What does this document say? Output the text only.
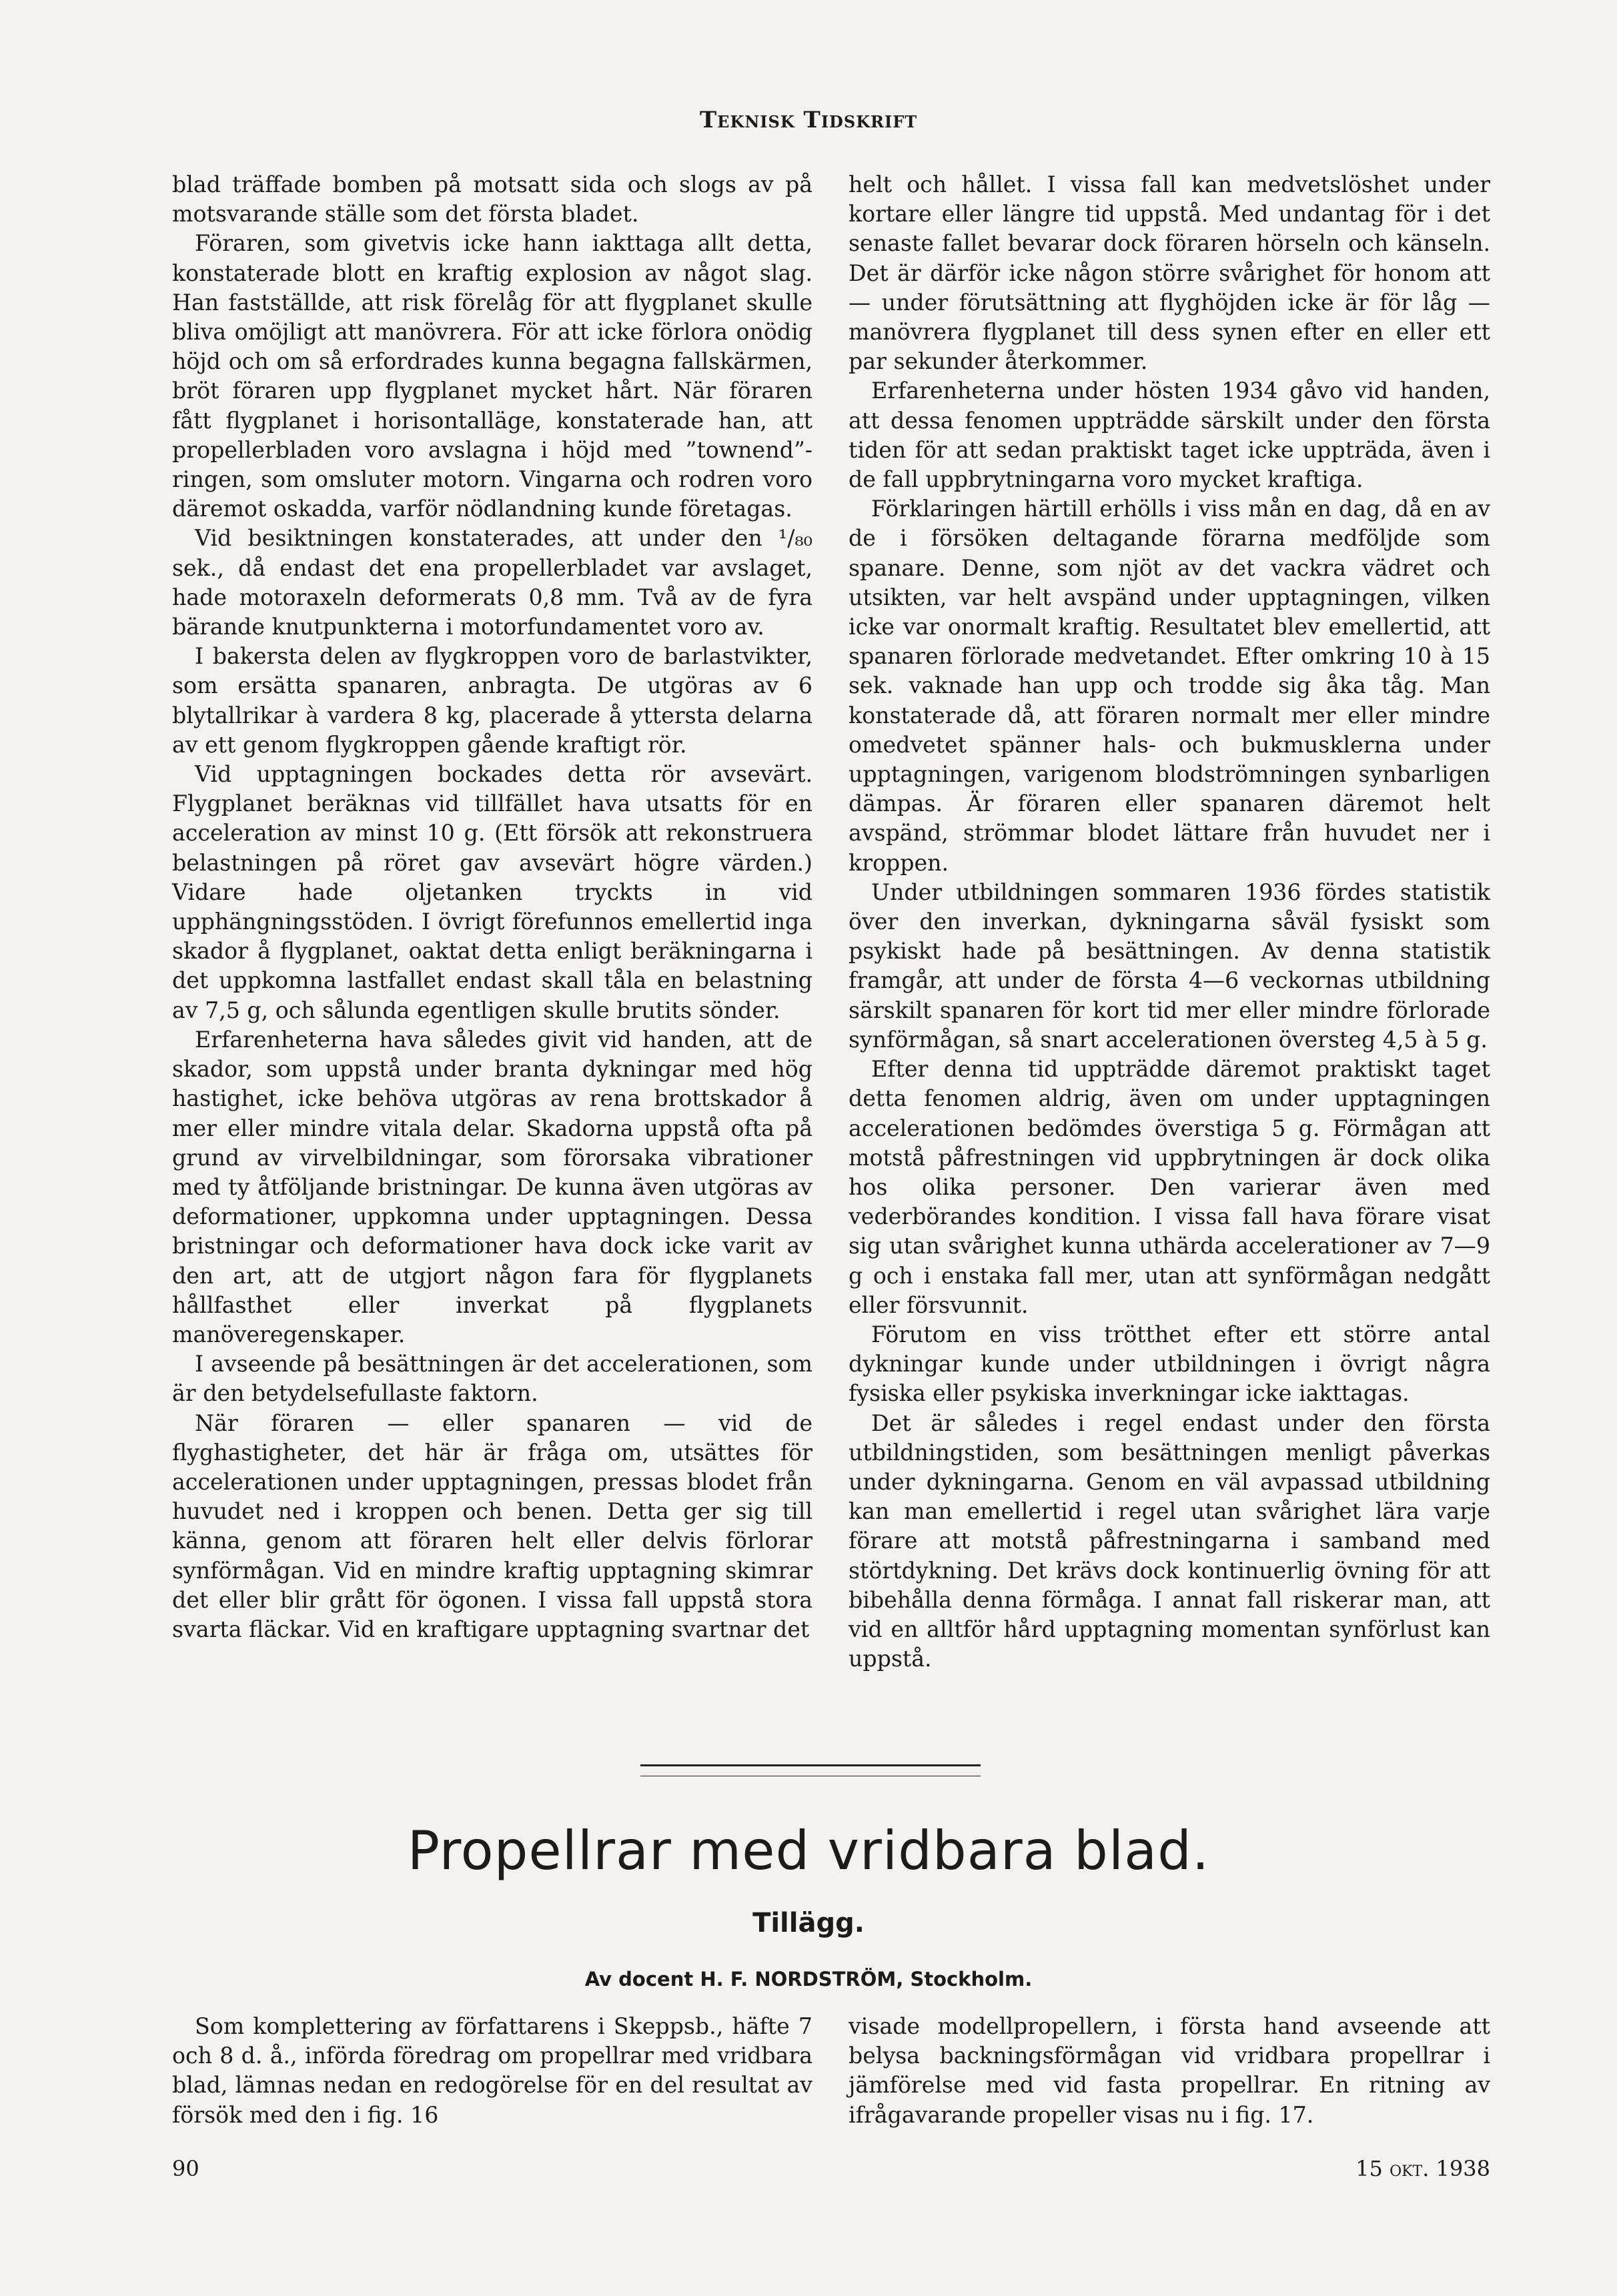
Teknisk Tidskrift

blad träffade bomben på motsatt sida och slogs av på motsvarande ställe som det första bladet.

Föraren, som givetvis icke hann iakttaga allt detta, konstaterade blott en kraftig explosion av något slag. Han fastställde, att risk förelåg för att flygplanet skulle bliva omöjligt att manövrera. För att icke förlora onödig höjd och om så erfordrades kunna begagna fallskärmen, bröt föraren upp flygplanet mycket hårt. När föraren fått flygplanet i horisontalläge, konstaterade han, att propellerbladen voro avslagna i höjd med ”townend”-ringen, som omsluter motorn. Vingarna och rodren voro däremot oskadda, varför nödlandning kunde företagas.

Vid besiktningen konstaterades, att under den ¹/₈₀ sek., då endast det ena propellerbladet var avslaget, hade motoraxeln deformerats 0,8 mm. Två av de fyra bärande knutpunkterna i motorfundamentet voro av.

I bakersta delen av flygkroppen voro de barlastvikter, som ersätta spanaren, anbragta. De utgöras av 6 blytallrikar à vardera 8 kg, placerade å yttersta delarna av ett genom flygkroppen gående kraftigt rör.

Vid upptagningen bockades detta rör avsevärt. Flygplanet beräknas vid tillfället hava utsatts för en acceleration av minst 10 g. (Ett försök att rekonstruera belastningen på röret gav avsevärt högre värden.) Vidare hade oljetanken tryckts in vid upphängningsstöden. I övrigt förefunnos emellertid inga skador å flygplanet, oaktat detta enligt beräkningarna i det uppkomna lastfallet endast skall tåla en belastning av 7,5 g, och sålunda egentligen skulle brutits sönder.

Erfarenheterna hava således givit vid handen, att de skador, som uppstå under branta dykningar med hög hastighet, icke behöva utgöras av rena brottskador å mer eller mindre vitala delar. Skadorna uppstå ofta på grund av virvelbildningar, som förorsaka vibrationer med ty åtföljande bristningar. De kunna även utgöras av deformationer, uppkomna under upptagningen. Dessa bristningar och deformationer hava dock icke varit av den art, att de utgjort någon fara för flygplanets hållfasthet eller inverkat på flygplanets manöveregenskaper.

I avseende på besättningen är det accelerationen, som är den betydelsefullaste faktorn.

När föraren — eller spanaren — vid de flyghastigheter, det här är fråga om, utsättes för accelerationen under upptagningen, pressas blodet från huvudet ned i kroppen och benen. Detta ger sig till känna, genom att föraren helt eller delvis förlorar synförmågan. Vid en mindre kraftig upptagning skimrar det eller blir grått för ögonen. I vissa fall uppstå stora svarta fläckar. Vid en kraftigare upptagning svartnar det

helt och hållet. I vissa fall kan medvetslöshet under kortare eller längre tid uppstå. Med undantag för i det senaste fallet bevarar dock föraren hörseln och känseln. Det är därför icke någon större svårighet för honom att — under förutsättning att flyghöjden icke är för låg — manövrera flygplanet till dess synen efter en eller ett par sekunder återkommer.

Erfarenheterna under hösten 1934 gåvo vid handen, att dessa fenomen uppträdde särskilt under den första tiden för att sedan praktiskt taget icke uppträda, även i de fall uppbrytningarna voro mycket kraftiga.

Förklaringen härtill erhölls i viss mån en dag, då en av de i försöken deltagande förarna medföljde som spanare. Denne, som njöt av det vackra vädret och utsikten, var helt avspänd under upptagningen, vilken icke var onormalt kraftig. Resultatet blev emellertid, att spanaren förlorade medvetandet. Efter omkring 10 à 15 sek. vaknade han upp och trodde sig åka tåg. Man konstaterade då, att föraren normalt mer eller mindre omedvetet spänner hals- och bukmusklerna under upptagningen, varigenom blodströmningen synbarligen dämpas. Är föraren eller spanaren däremot helt avspänd, strömmar blodet lättare från huvudet ner i kroppen.

Under utbildningen sommaren 1936 fördes statistik över den inverkan, dykningarna såväl fysiskt som psykiskt hade på besättningen. Av denna statistik framgår, att under de första 4—6 veckornas utbildning särskilt spanaren för kort tid mer eller mindre förlorade synförmågan, så snart accelerationen översteg 4,5 à 5 g.

Efter denna tid uppträdde däremot praktiskt taget detta fenomen aldrig, även om under upptagningen accelerationen bedömdes överstiga 5 g. Förmågan att motstå påfrestningen vid uppbrytningen är dock olika hos olika personer. Den varierar även med vederbörandes kondition. I vissa fall hava förare visat sig utan svårighet kunna uthärda accelerationer av 7—9 g och i enstaka fall mer, utan att synförmågan nedgått eller försvunnit.

Förutom en viss trötthet efter ett större antal dykningar kunde under utbildningen i övrigt några fysiska eller psykiska inverkningar icke iakttagas.

Det är således i regel endast under den första utbildningstiden, som besättningen menligt påverkas under dykningarna. Genom en väl avpassad utbildning kan man emellertid i regel utan svårighet lära varje förare att motstå påfrestningarna i samband med störtdykning. Det krävs dock kontinuerlig övning för att bibehålla denna förmåga. I annat fall riskerar man, att vid en alltför hård upptagning momentan synförlust kan uppstå.

Propellrar med vridbara blad.
Tillägg.
Av docent H. F. NORDSTRÖM, Stockholm.

Som komplettering av författarens i Skeppsb., häfte 7 och 8 d. å., införda föredrag om propellrar med vridbara blad, lämnas nedan en redogörelse för en del resultat av försök med den i fig. 16

visade modellpropellern, i första hand avseende att belysa backningsförmågan vid vridbara propellrar i jämförelse med vid fasta propellrar. En ritning av ifrågavarande propeller visas nu i fig. 17.

90	15 okt. 1938
